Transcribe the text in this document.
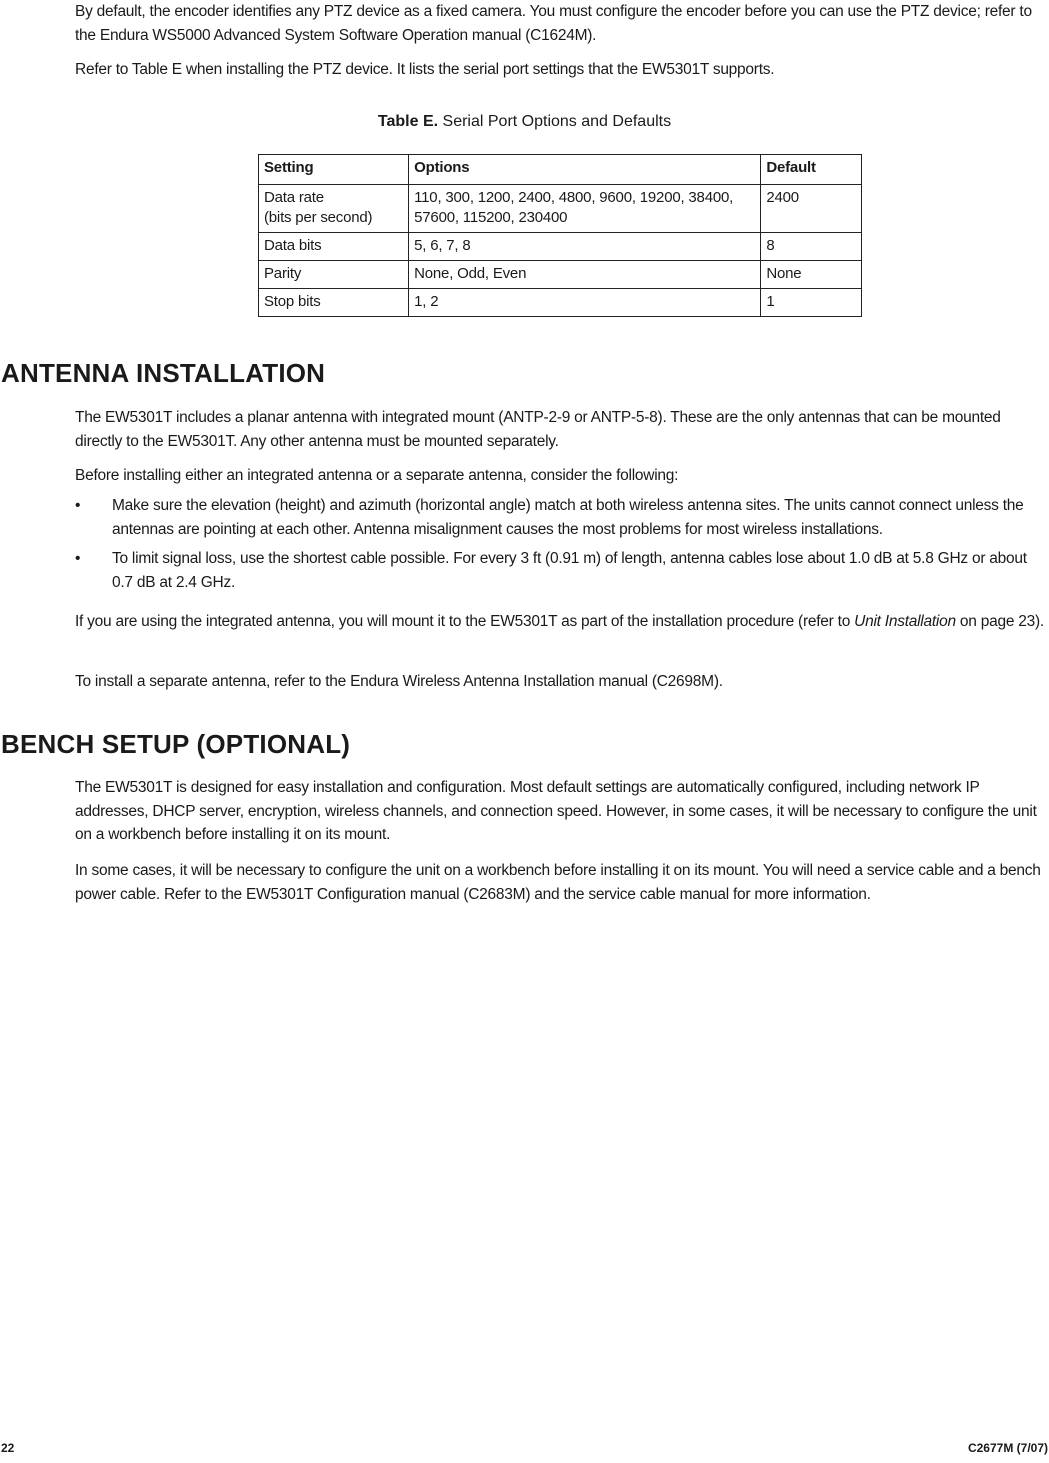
By default, the encoder identifies any PTZ device as a fixed camera. You must configure the encoder before you can use the PTZ device; refer to the Endura WS5000 Advanced System Software Operation manual (C1624M).

Refer to Table E when installing the PTZ device. It lists the serial port settings that the EW5301T supports.

Table E. Serial Port Options and Defaults
Setting	Options	Default
Data rate
(bits per second)	110, 300, 1200, 2400, 4800, 9600, 19200, 38400, 57600, 115200, 230400	2400
Data bits	5, 6, 7, 8	8
Parity	None, Odd, Even	None
Stop bits	1, 2	1
ANTENNA INSTALLATION

The EW5301T includes a planar antenna with integrated mount (ANTP-2-9 or ANTP-5-8). These are the only antennas that can be mounted directly to the EW5301T. Any other antenna must be mounted separately.

Before installing either an integrated antenna or a separate antenna, consider the following:

• Make sure the elevation (height) and azimuth (horizontal angle) match at both wireless antenna sites. The units cannot connect unless the antennas are pointing at each other. Antenna misalignment causes the most problems for most wireless installations.
• To limit signal loss, use the shortest cable possible. For every 3 ft (0.91 m) of length, antenna cables lose about 1.0 dB at 5.8 GHz or about 0.7 dB at 2.4 GHz.

If you are using the integrated antenna, you will mount it to the EW5301T as part of the installation procedure (refer to Unit Installation on page 23).

To install a separate antenna, refer to the Endura Wireless Antenna Installation manual (C2698M).

BENCH SETUP (OPTIONAL)

The EW5301T is designed for easy installation and configuration. Most default settings are automatically configured, including network IP addresses, DHCP server, encryption, wireless channels, and connection speed. However, in some cases, it will be necessary to configure the unit on a workbench before installing it on its mount.

In some cases, it will be necessary to configure the unit on a workbench before installing it on its mount. You will need a service cable and a bench power cable. Refer to the EW5301T Configuration manual (C2683M) and the service cable manual for more information.

22	C2677M (7/07)
